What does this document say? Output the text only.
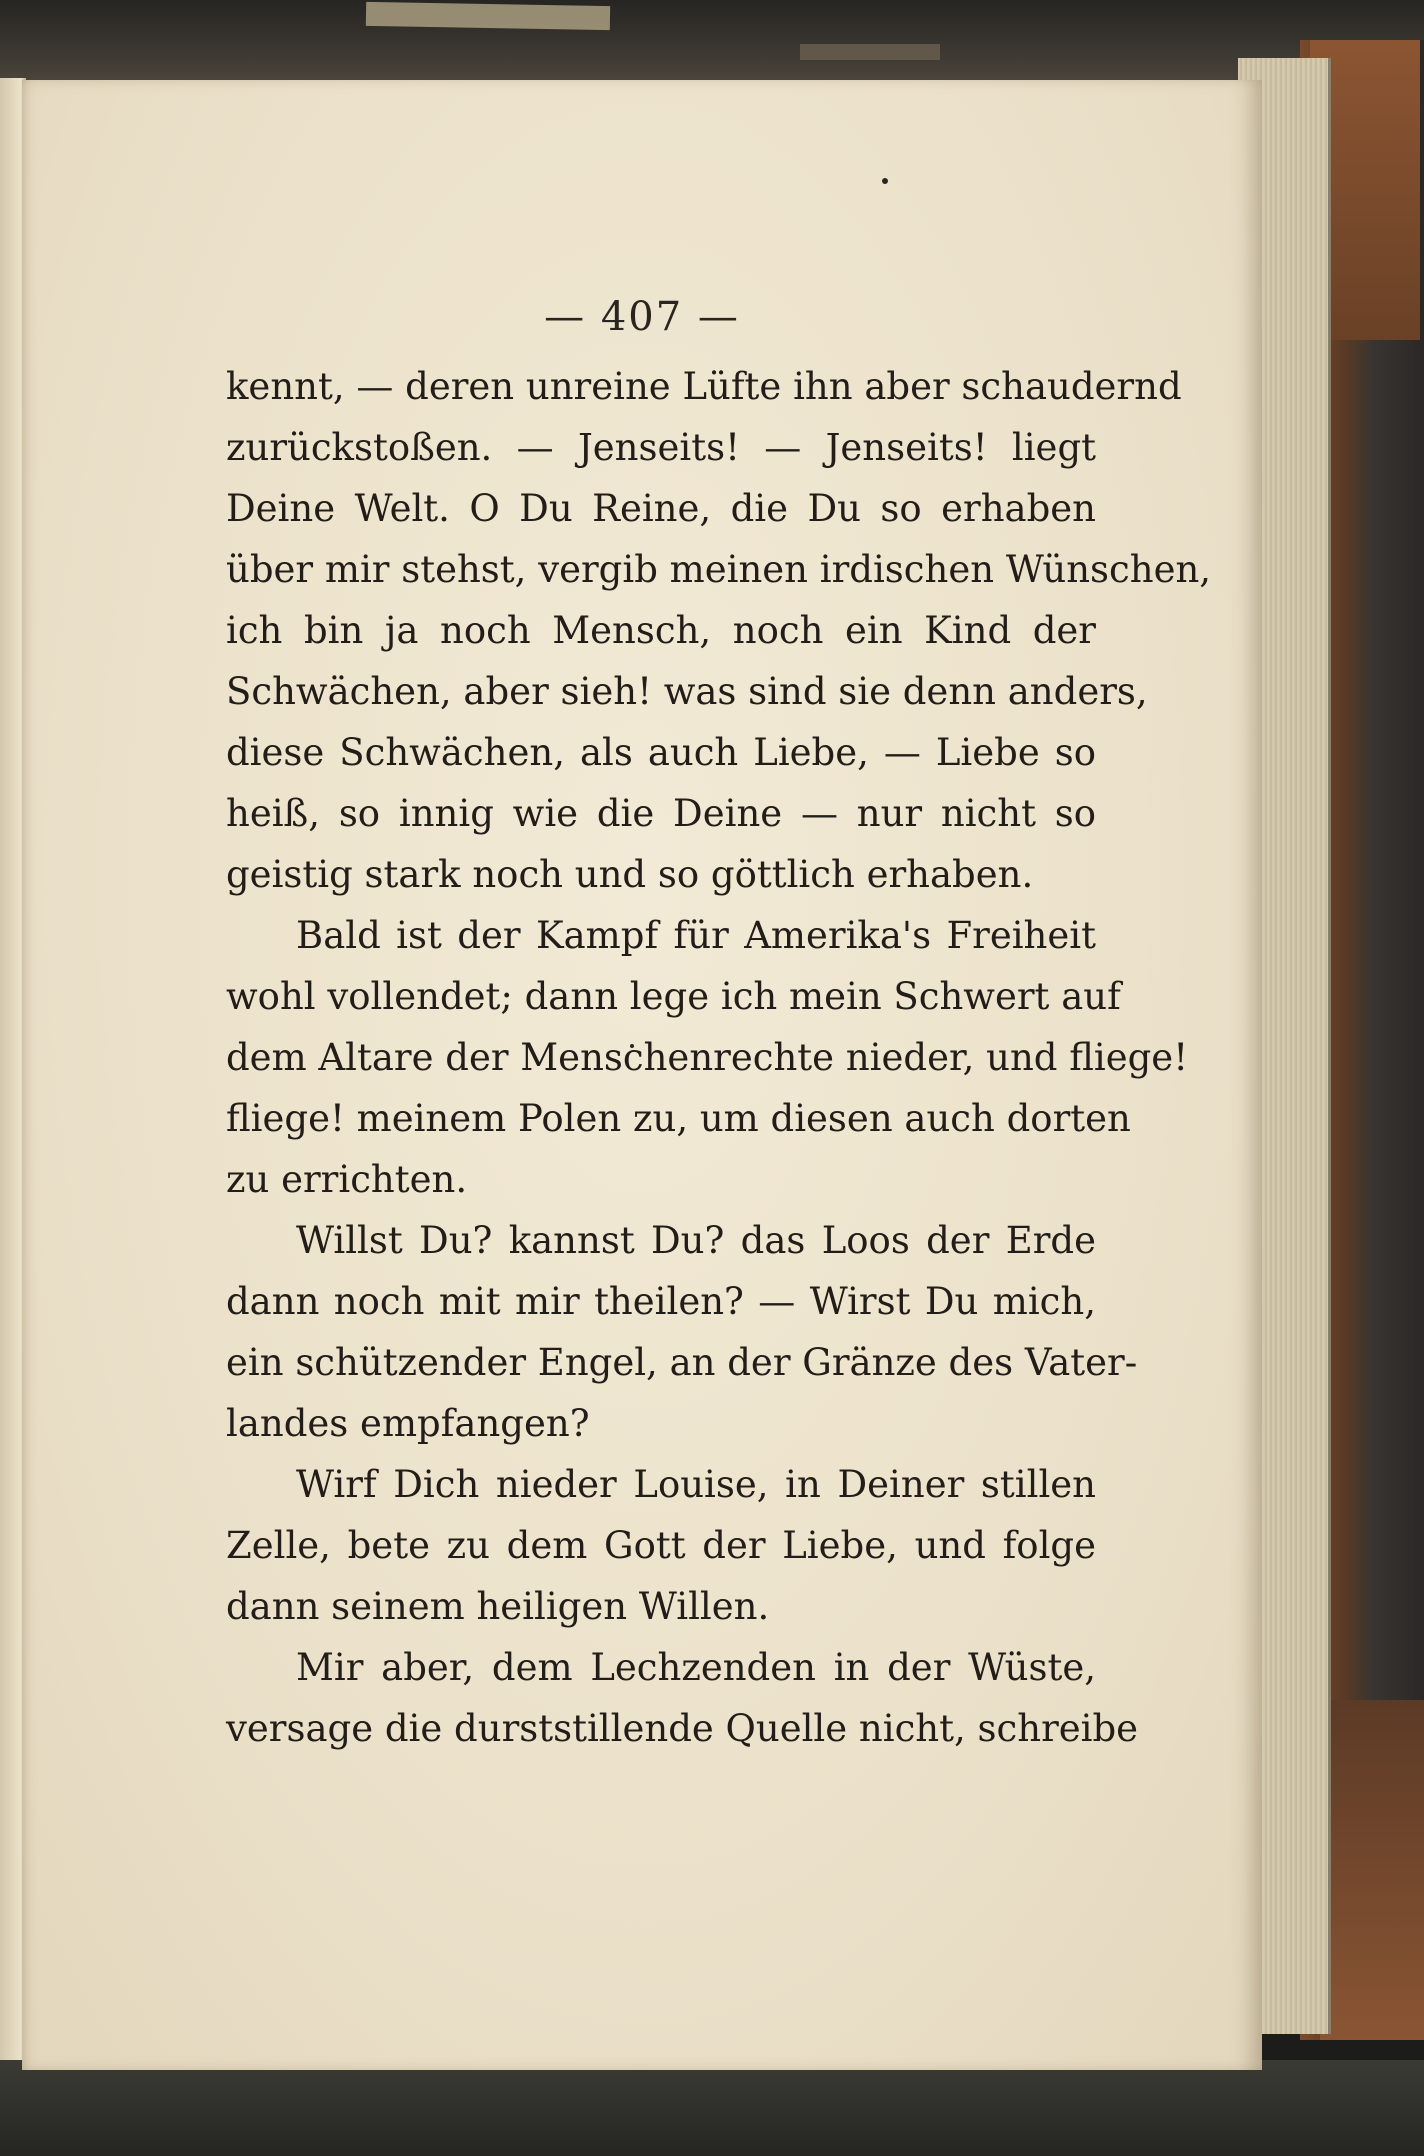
— 407 —
kennt, — deren unreine Lüfte ihn aber schaudernd
zurückstoßen. — Jenseits! — Jenseits! liegt
Deine Welt. O Du Reine, die Du so erhaben
über mir stehst, vergib meinen irdischen Wünschen,
ich bin ja noch Mensch, noch ein Kind der
Schwächen, aber sieh! was sind sie denn anders,
diese Schwächen, als auch Liebe, — Liebe so
heiß, so innig wie die Deine — nur nicht so
geistig stark noch und so göttlich erhaben.
Bald ist der Kampf für Amerika's Freiheit
wohl vollendet; dann lege ich mein Schwert auf
dem Altare der Menschenrechte nieder, und fliege!
fliege! meinem Polen zu, um diesen auch dorten
zu errichten.
Willst Du? kannst Du? das Loos der Erde
dann noch mit mir theilen? — Wirst Du mich,
ein schützender Engel, an der Gränze des Vater-
landes empfangen?
Wirf Dich nieder Louise, in Deiner stillen
Zelle, bete zu dem Gott der Liebe, und folge
dann seinem heiligen Willen.
Mir aber, dem Lechzenden in der Wüste,
versage die durststillende Quelle nicht, schreibe
